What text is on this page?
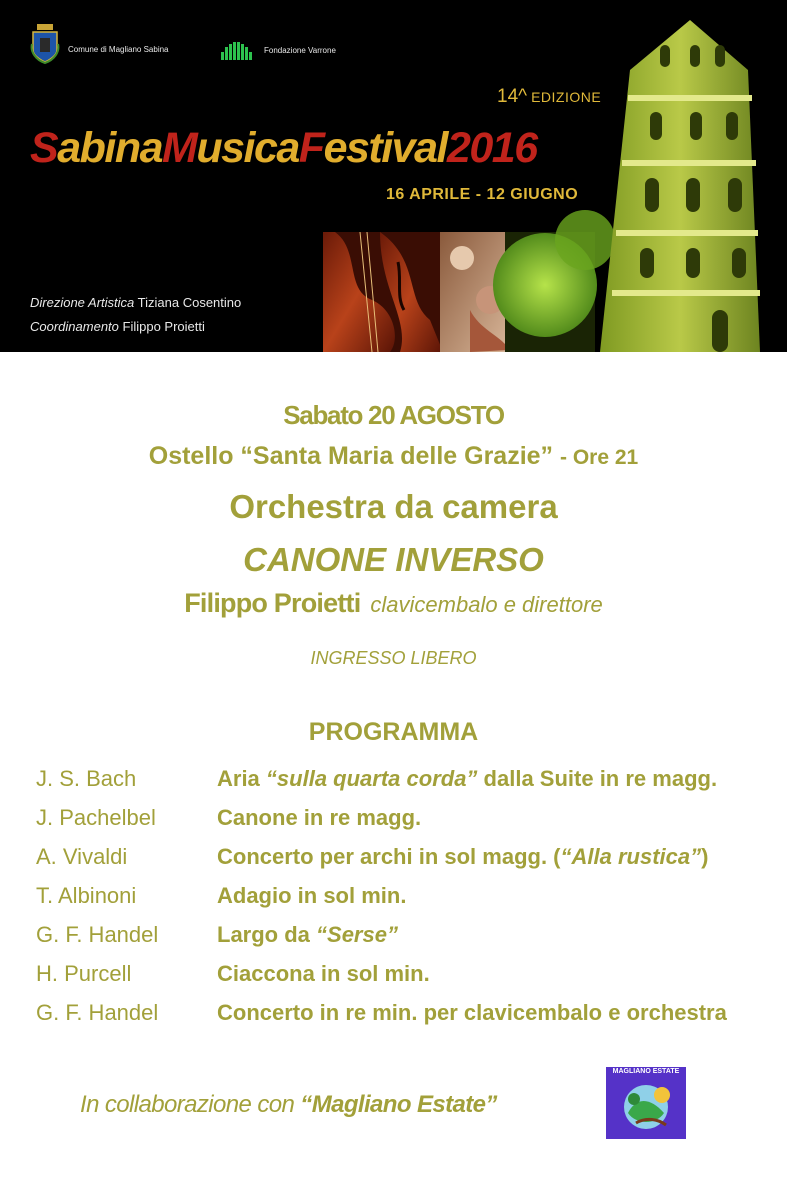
Comune di Magliano Sabina	Fondazione Varrone
14^ EDIZIONE
SabinaMusicaFestival2016
16 APRILE - 12 GIUGNO
Direzione Artistica Tiziana Cosentino
Coordinamento Filippo Proietti
Sabato 20 AGOSTO
Ostello “Santa Maria delle Grazie” - Ore 21
Orchestra da camera
CANONE INVERSO
Filippo Proietti clavicembalo e direttore
INGRESSO LIBERO
PROGRAMMA
J. S. Bach	Aria “sulla quarta corda” dalla Suite in re magg.
J. Pachelbel	Canone in re magg.
A. Vivaldi	Concerto per archi in sol magg. (“Alla rustica”)
T. Albinoni	Adagio in sol min.
G. F. Handel	Largo da “Serse”
H. Purcell	Ciaccona in sol min.
G. F. Handel	Concerto in re min. per clavicembalo e orchestra
In collaborazione con “Magliano Estate”
MAGLIANO ESTATE
